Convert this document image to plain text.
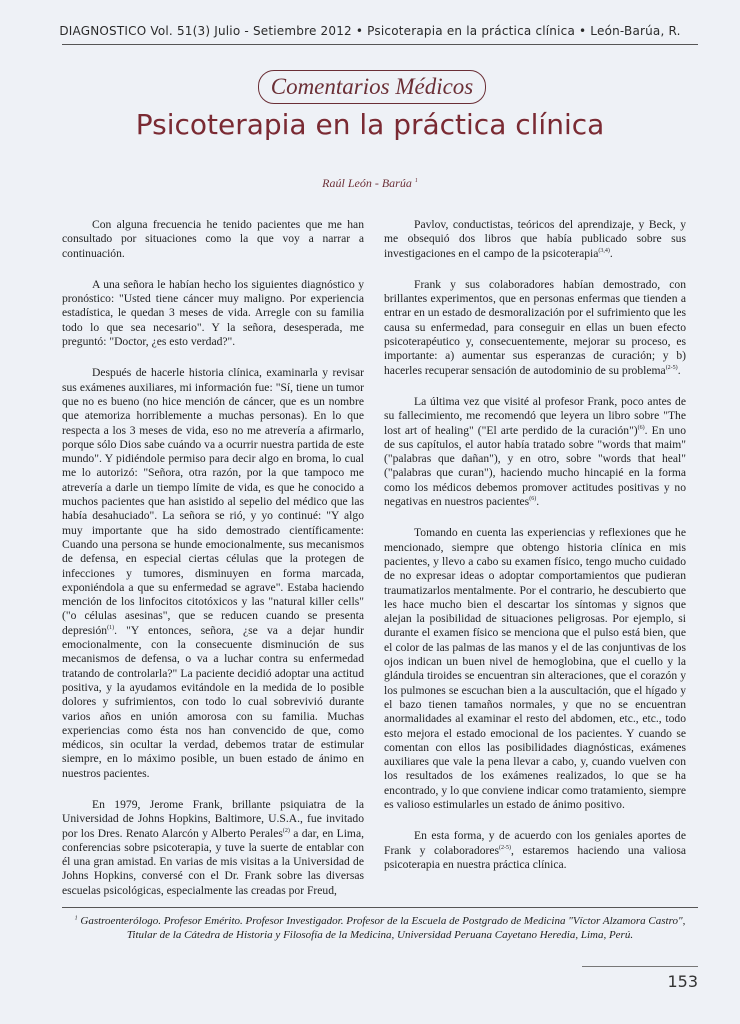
DIAGNOSTICO Vol. 51(3) Julio - Setiembre 2012 • Psicoterapia en la práctica clínica • León-Barúa, R.
Comentarios Médicos
Psicoterapia en la práctica clínica
Raúl León - Barúa $^1$

Con alguna frecuencia he tenido pacientes que me han consultado por situaciones como la que voy a narrar a continuación.

A una señora le habían hecho los siguientes diagnóstico y pronóstico: "Usted tiene cáncer muy maligno. Por experiencia estadística, le quedan 3 meses de vida. Arregle con su familia todo lo que sea necesario". Y la señora, desesperada, me preguntó: "Doctor, ¿es esto verdad?".

Después de hacerle historia clínica, examinarla y revisar sus exámenes auxiliares, mi información fue: "Sí, tiene un tumor que no es bueno (no hice mención de cáncer, que es un nombre que atemoriza horriblemente a muchas personas). En lo que respecta a los 3 meses de vida, eso no me atrevería a afirmarlo, porque sólo Dios sabe cuándo va a ocurrir nuestra partida de este mundo". Y pidiéndole permiso para decir algo en broma, lo cual me lo autorizó: "Señora, otra razón, por la que tampoco me atrevería a darle un tiempo límite de vida, es que he conocido a muchos pacientes que han asistido al sepelio del médico que las había desahuciado". La señora se rió, y yo continué: "Y algo muy importante que ha sido demostrado científicamente: Cuando una persona se hunde emocionalmente, sus mecanismos de defensa, en especial ciertas células que la protegen de infecciones y tumores, disminuyen en forma marcada, exponiéndola a que su enfermedad se agrave". Estaba haciendo mención de los linfocitos citotóxicos y las "natural killer cells" ("o células asesinas", que se reducen cuando se presenta depresión$^{(1)}$. "Y entonces, señora, ¿se va a dejar hundir emocionalmente, con la consecuente disminución de sus mecanismos de defensa, o va a luchar contra su enfermedad tratando de controlarla?" La paciente decidió adoptar una actitud positiva, y la ayudamos evitándole en la medida de lo posible dolores y sufrimientos, con todo lo cual sobrevivió durante varios años en unión amorosa con su familia. Muchas experiencias como ésta nos han convencido de que, como médicos, sin ocultar la verdad, debemos tratar de estimular siempre, en lo máximo posible, un buen estado de ánimo en nuestros pacientes.

En 1979, Jerome Frank, brillante psiquiatra de la Universidad de Johns Hopkins, Baltimore, U.S.A., fue invitado por los Dres. Renato Alarcón y Alberto Perales$^{(2)}$ a dar, en Lima, conferencias sobre psicoterapia, y tuve la suerte de entablar con él una gran amistad. En varias de mis visitas a la Universidad de Johns Hopkins, conversé con el Dr. Frank sobre las diversas escuelas psicológicas, especialmente las creadas por Freud,

Pavlov, conductistas, teóricos del aprendizaje, y Beck, y me obsequió dos libros que había publicado sobre sus investigaciones en el campo de la psicoterapia$^{(3,4)}$.

Frank y sus colaboradores habían demostrado, con brillantes experimentos, que en personas enfermas que tienden a entrar en un estado de desmoralización por el sufrimiento que les causa su enfermedad, para conseguir en ellas un buen efecto psicoterapéutico y, consecuentemente, mejorar su proceso, es importante: a) aumentar sus esperanzas de curación; y b) hacerles recuperar sensación de autodominio de su problema$^{(2-5)}$.

La última vez que visité al profesor Frank, poco antes de su fallecimiento, me recomendó que leyera un libro sobre "The lost art of healing" ("El arte perdido de la curación")$^{(6)}$. En uno de sus capítulos, el autor había tratado sobre "words that maim" ("palabras que dañan"), y en otro, sobre "words that heal" ("palabras que curan"), haciendo mucho hincapié en la forma como los médicos debemos promover actitudes positivas y no negativas en nuestros pacientes$^{(6)}$.

Tomando en cuenta las experiencias y reflexiones que he mencionado, siempre que obtengo historia clínica en mis pacientes, y llevo a cabo su examen físico, tengo mucho cuidado de no expresar ideas o adoptar comportamientos que pudieran traumatizarlos mentalmente. Por el contrario, he descubierto que les hace mucho bien el descartar los síntomas y signos que alejan la posibilidad de situaciones peligrosas. Por ejemplo, si durante el examen físico se menciona que el pulso está bien, que el color de las palmas de las manos y el de las conjuntivas de los ojos indican un buen nivel de hemoglobina, que el cuello y la glándula tiroides se encuentran sin alteraciones, que el corazón y los pulmones se escuchan bien a la auscultación, que el hígado y el bazo tienen tamaños normales, y que no se encuentran anormalidades al examinar el resto del abdomen, etc., etc., todo esto mejora el estado emocional de los pacientes. Y cuando se comentan con ellos las posibilidades diagnósticas, exámenes auxiliares que vale la pena llevar a cabo, y, cuando vuelven con los resultados de los exámenes realizados, lo que se ha encontrado, y lo que conviene indicar como tratamiento, siempre es valioso estimularles un estado de ánimo positivo.

En esta forma, y de acuerdo con los geniales aportes de Frank y colaboradores$^{(2-5)}$, estaremos haciendo una valiosa psicoterapia en nuestra práctica clínica.

$^1$ Gastroenterólogo. Profesor Emérito. Profesor Investigador. Profesor de la Escuela de Postgrado de Medicina "Víctor Alzamora Castro", Titular de la Cátedra de Historia y Filosofía de la Medicina, Universidad Peruana Cayetano Heredia, Lima, Perú.
153
